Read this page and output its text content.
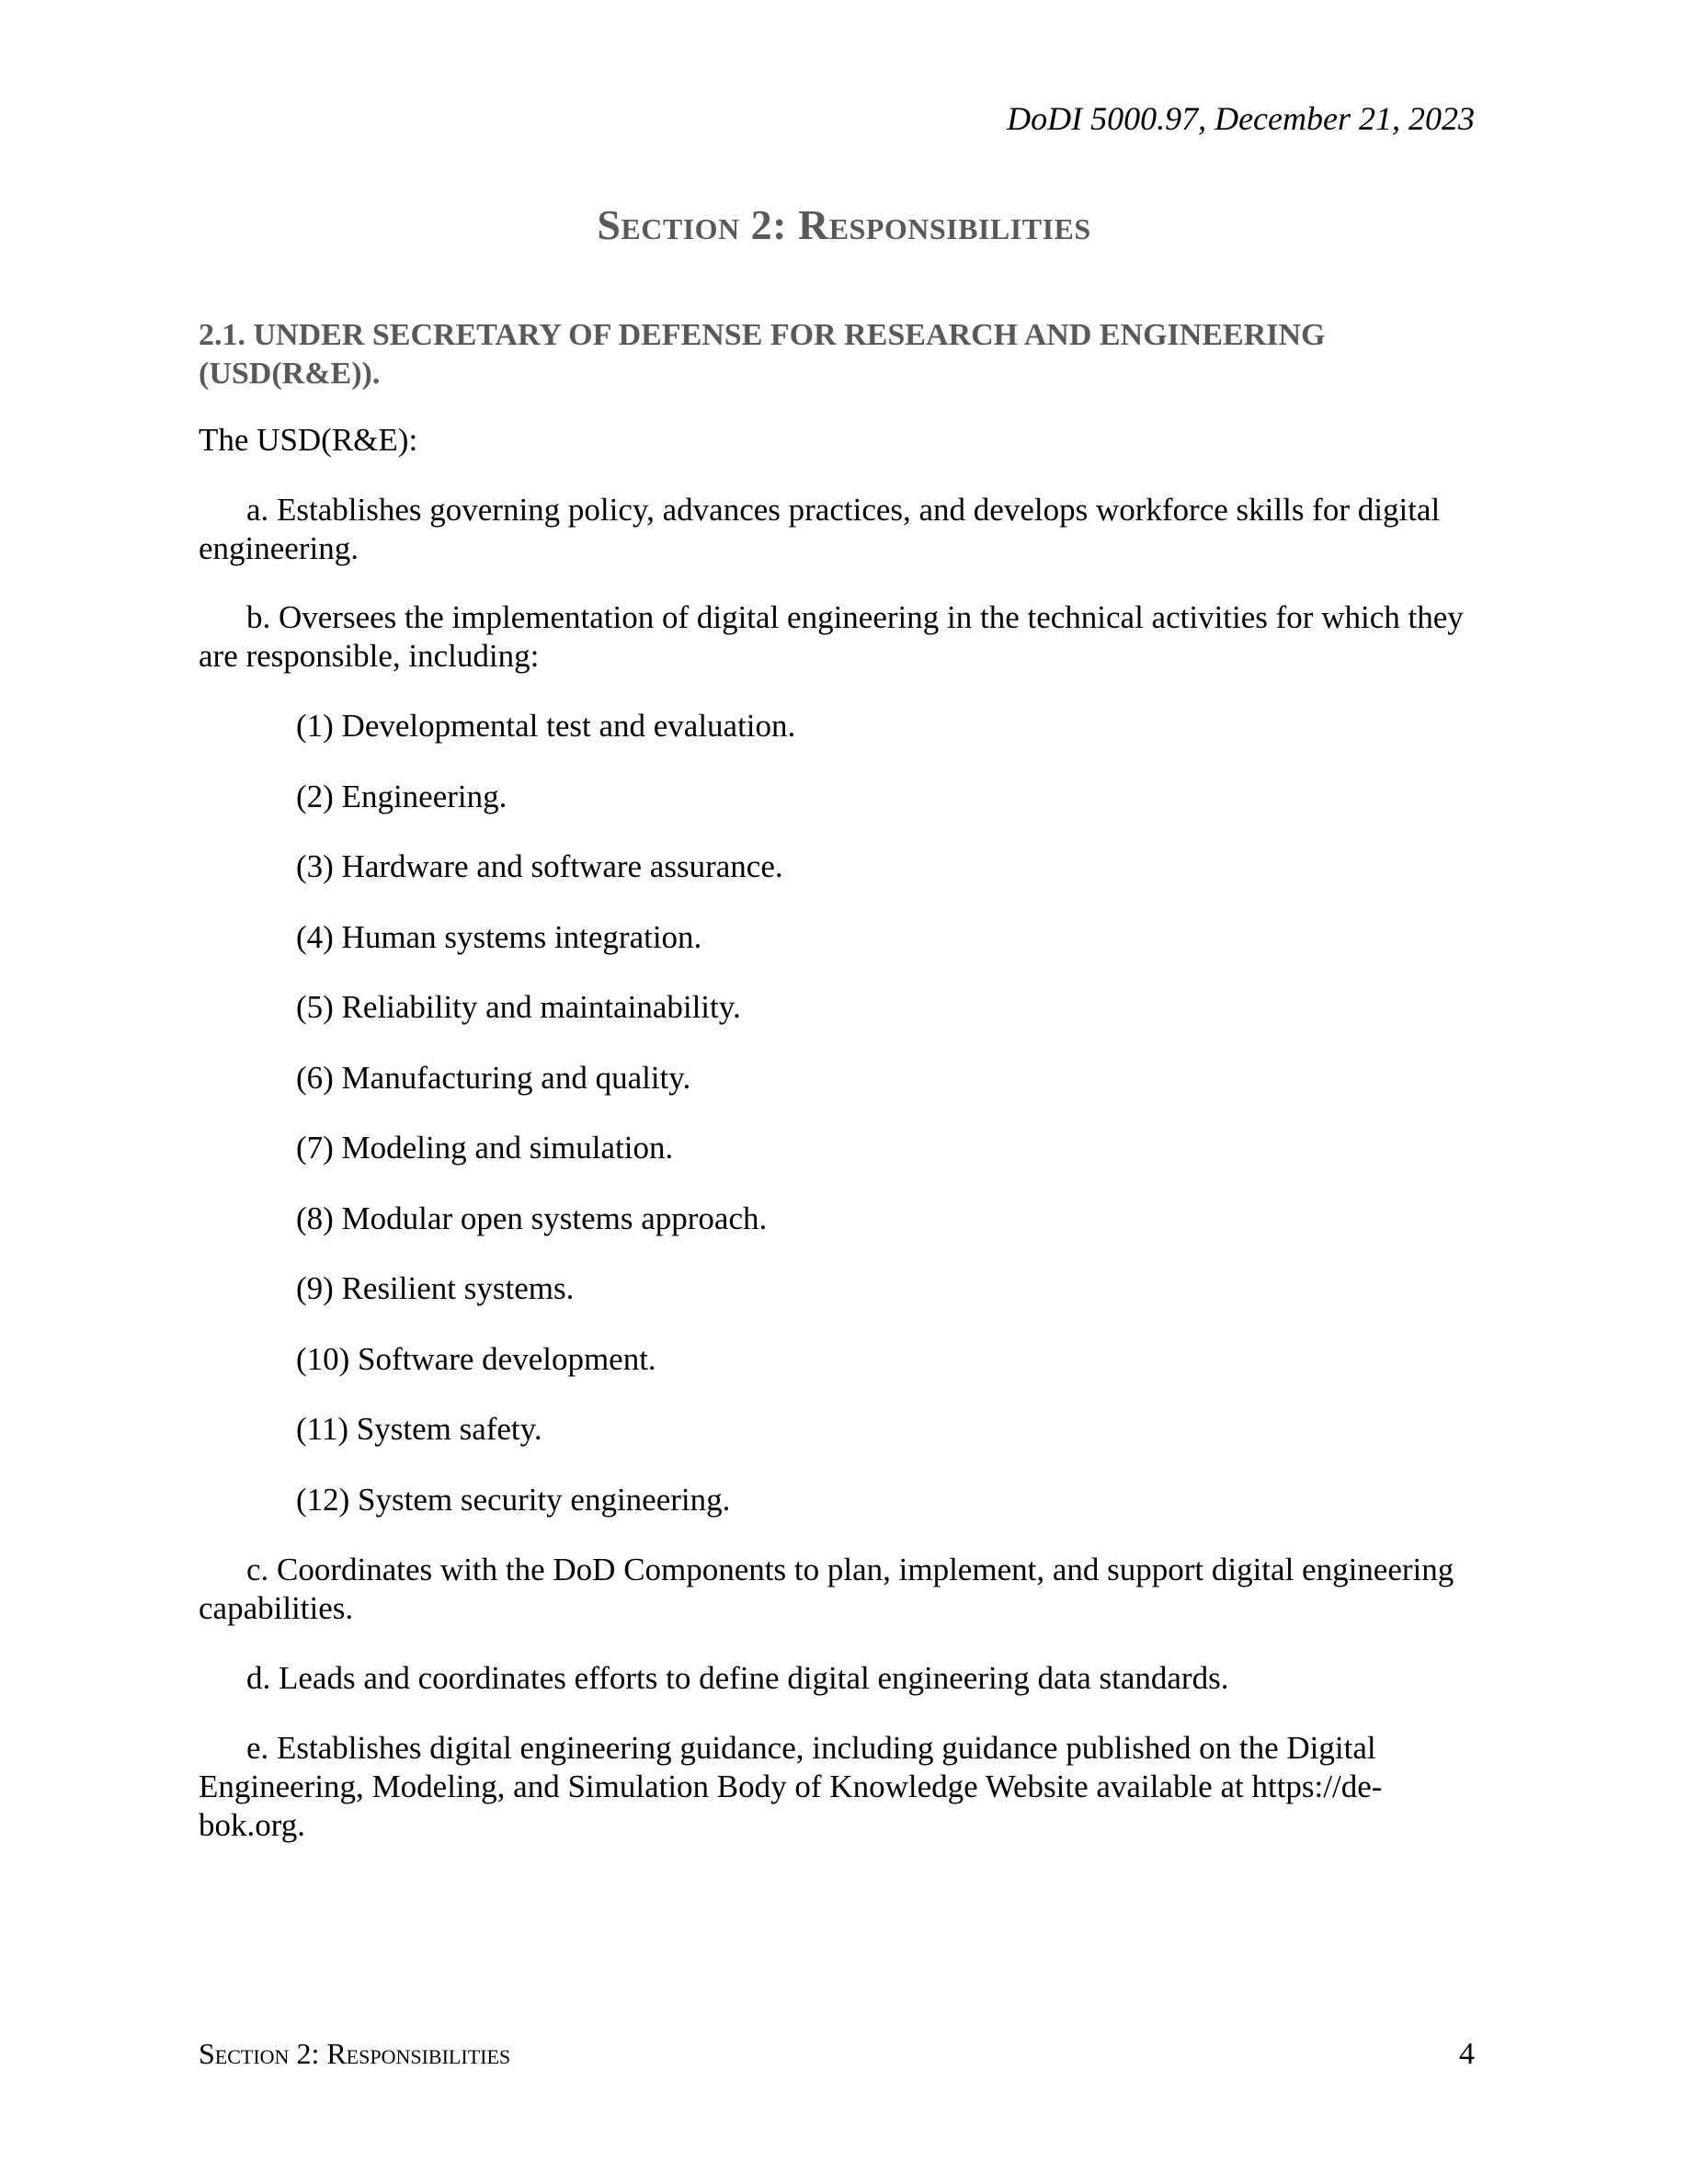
DoDI 5000.97, December 21, 2023
Section 2: Responsibilities
2.1. UNDER SECRETARY OF DEFENSE FOR RESEARCH AND ENGINEERING (USD(R&E)).
The USD(R&E):
a. Establishes governing policy, advances practices, and develops workforce skills for digital engineering.
b. Oversees the implementation of digital engineering in the technical activities for which they are responsible, including:
(1) Developmental test and evaluation.
(2) Engineering.
(3) Hardware and software assurance.
(4) Human systems integration.
(5) Reliability and maintainability.
(6) Manufacturing and quality.
(7) Modeling and simulation.
(8) Modular open systems approach.
(9) Resilient systems.
(10) Software development.
(11) System safety.
(12) System security engineering.
c. Coordinates with the DoD Components to plan, implement, and support digital engineering capabilities.
d. Leads and coordinates efforts to define digital engineering data standards.
e. Establishes digital engineering guidance, including guidance published on the Digital Engineering, Modeling, and Simulation Body of Knowledge Website available at https://de-bok.org.
Section 2: Responsibilities	4
